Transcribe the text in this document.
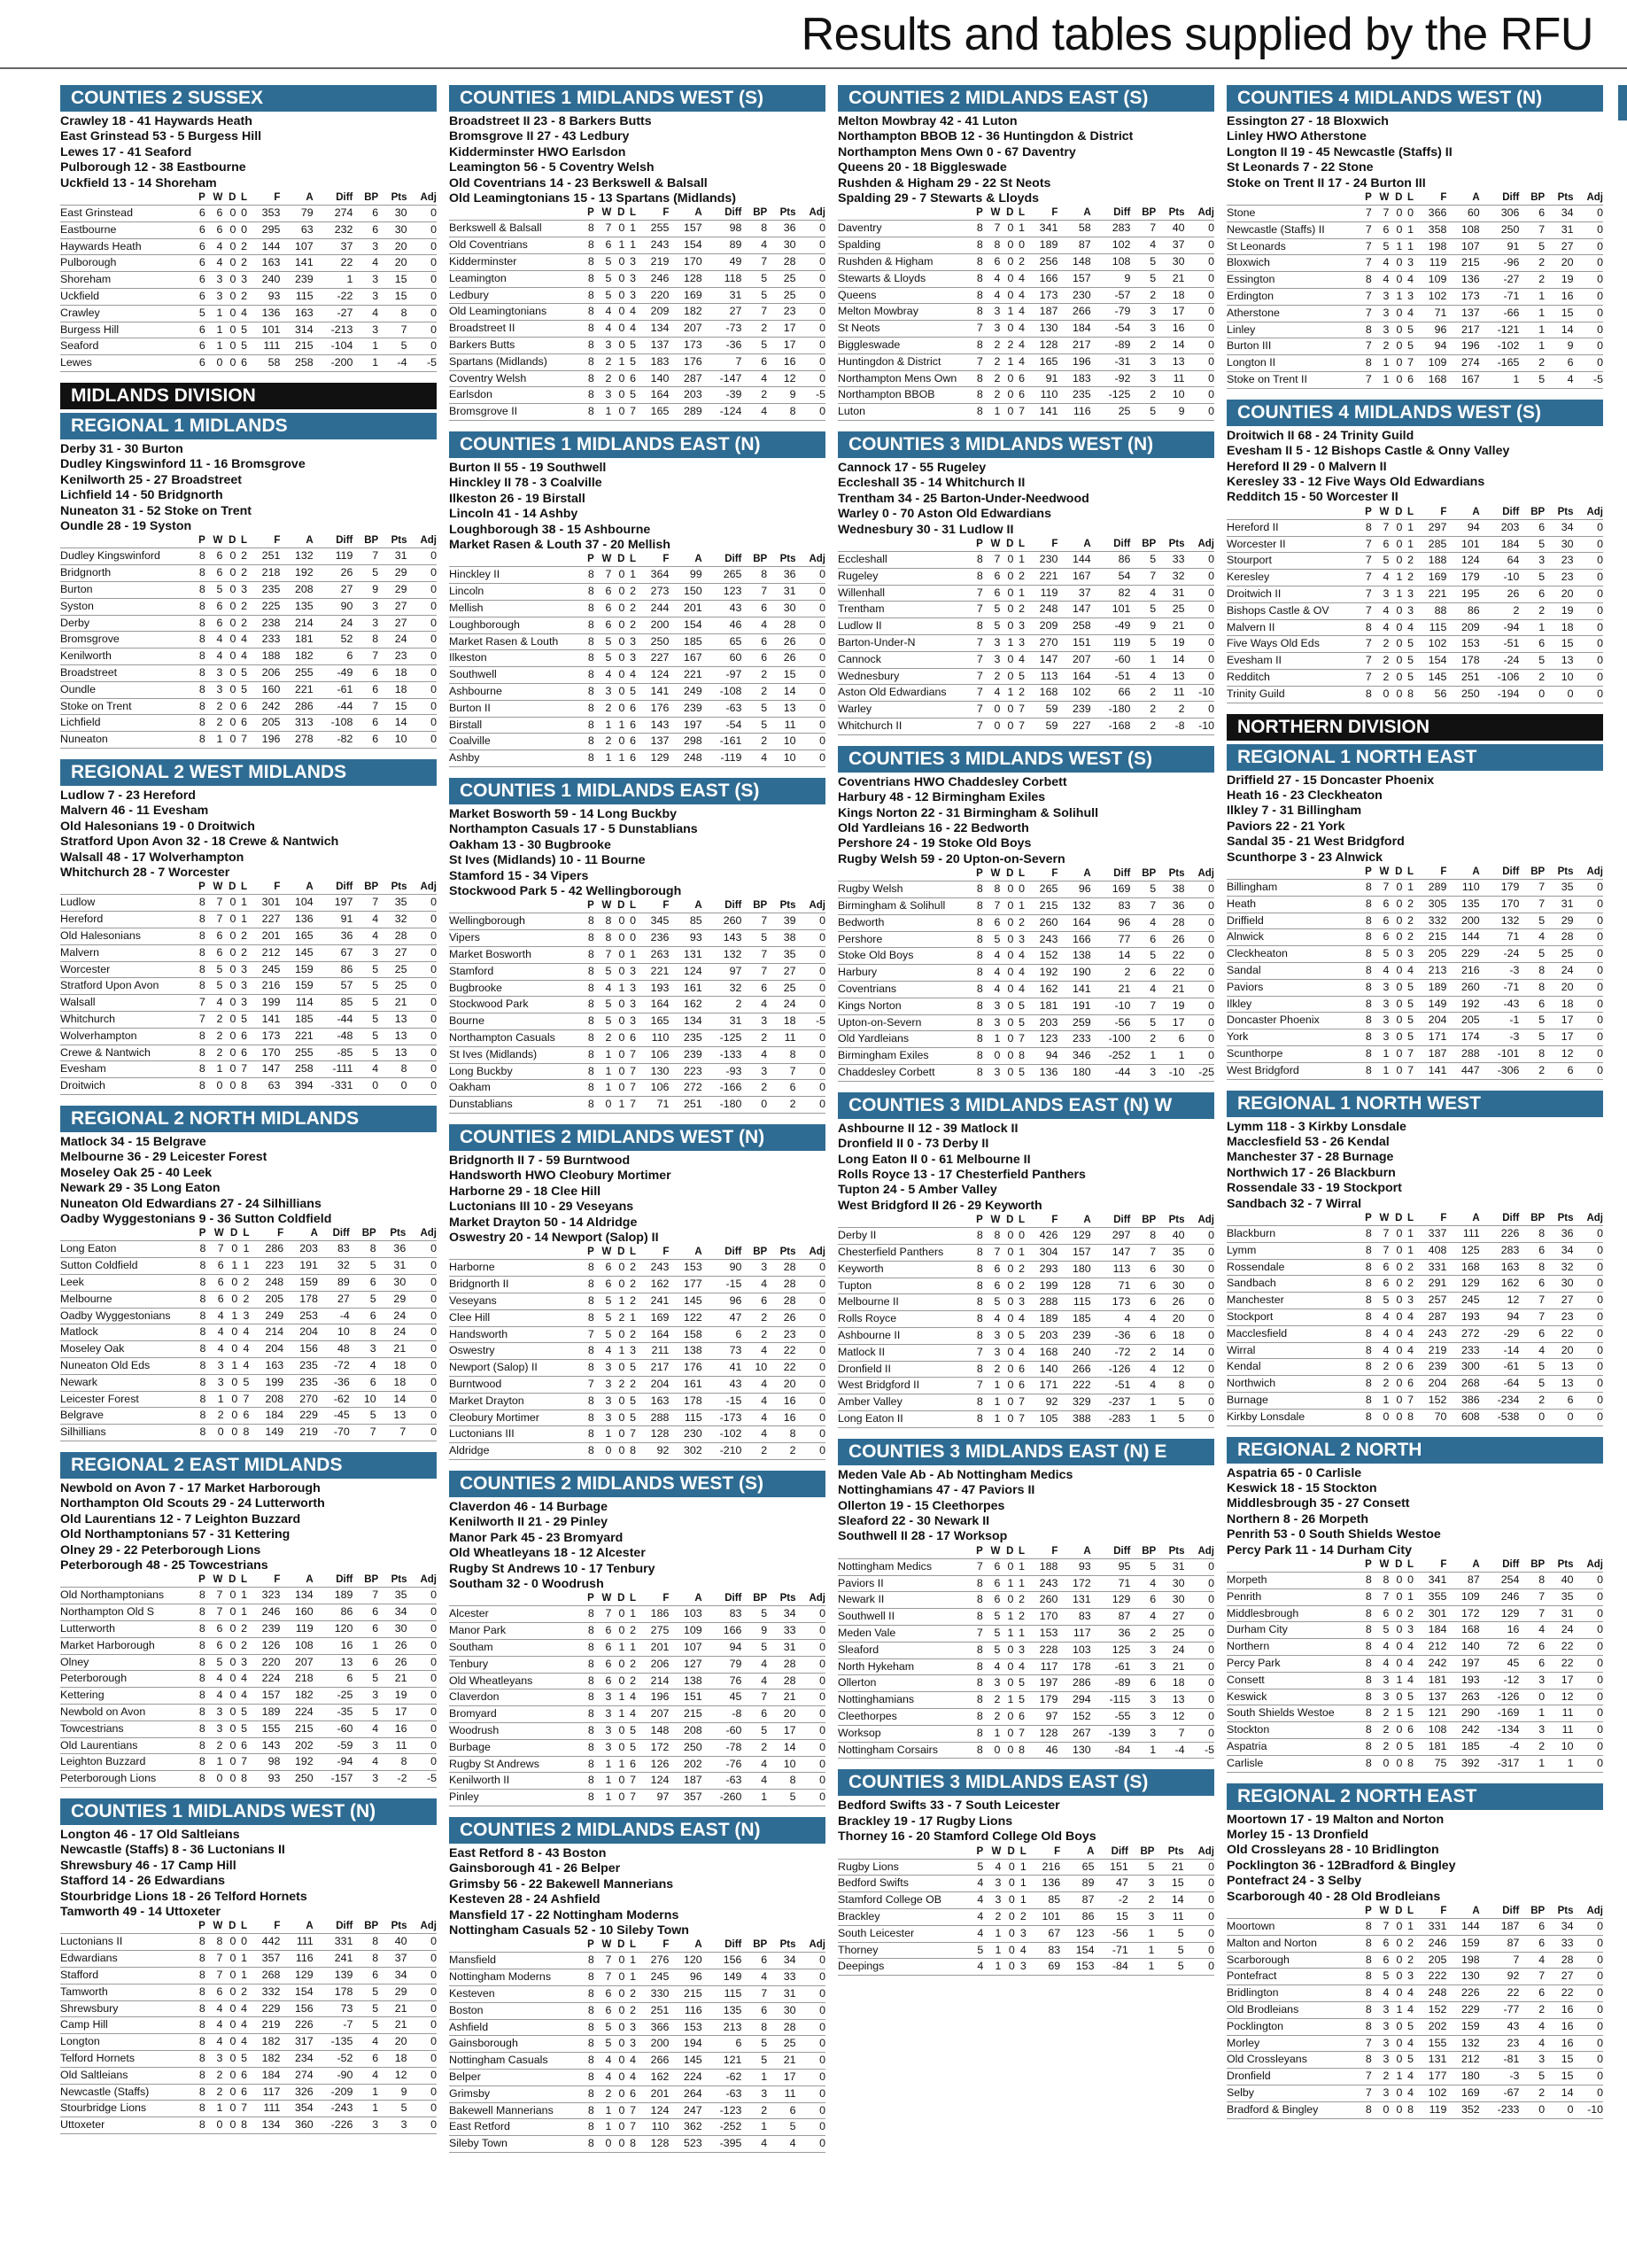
Results and tables supplied by the RFU
COUNTIES 2 SUSSEX
Crawley 18 - 41 Haywards Heath
East Grinstead 53 - 5 Burgess Hill
Lewes 17 - 41 Seaford
Pulborough 12 - 38 Eastbourne
Uckfield 13 - 14 Shoreham
	P	W	D	L	F	A	Diff	BP	Pts	Adj
East Grinstead	6	6	0	0	353	79	274	6	30	0
Eastbourne	6	6	0	0	295	63	232	6	30	0
Haywards Heath	6	4	0	2	144	107	37	3	20	0
Pulborough	6	4	0	2	163	141	22	4	20	0
Shoreham	6	3	0	3	240	239	1	3	15	0
Uckfield	6	3	0	2	93	115	-22	3	15	0
Crawley	5	1	0	4	136	163	-27	4	8	0
Burgess Hill	6	1	0	5	101	314	-213	3	7	0
Seaford	6	1	0	5	111	215	-104	1	5	0
Lewes	6	0	0	6	58	258	-200	1	-4	-5
MIDLANDS DIVISION
REGIONAL 1 MIDLANDS
Derby 31 - 30 Burton
Dudley Kingswinford 11 - 16 Bromsgrove
Kenilworth 25 - 27 Broadstreet
Lichfield 14 - 50 Bridgnorth
Nuneaton 31 - 52 Stoke on Trent
Oundle 28 - 19 Syston
	P	W	D	L	F	A	Diff	BP	Pts	Adj
Dudley Kingswinford	8	6	0	2	251	132	119	7	31	0
Bridgnorth	8	6	0	2	218	192	26	5	29	0
Burton	8	5	0	3	235	208	27	9	29	0
Syston	8	6	0	2	225	135	90	3	27	0
Derby	8	6	0	2	238	214	24	3	27	0
Bromsgrove	8	4	0	4	233	181	52	8	24	0
Kenilworth	8	4	0	4	188	182	6	7	23	0
Broadstreet	8	3	0	5	206	255	-49	6	18	0
Oundle	8	3	0	5	160	221	-61	6	18	0
Stoke on Trent	8	2	0	6	242	286	-44	7	15	0
Lichfield	8	2	0	6	205	313	-108	6	14	0
Nuneaton	8	1	0	7	196	278	-82	6	10	0
REGIONAL 2 WEST MIDLANDS
Ludlow 7 - 23 Hereford
Malvern 46 - 11 Evesham
Old Halesonians 19 - 0 Droitwich
Stratford Upon Avon 32 - 18 Crewe & Nantwich
Walsall 48 - 17 Wolverhampton
Whitchurch 28 - 7 Worcester
	P	W	D	L	F	A	Diff	BP	Pts	Adj
Ludlow	8	7	0	1	301	104	197	7	35	0
Hereford	8	7	0	1	227	136	91	4	32	0
Old Halesonians	8	6	0	2	201	165	36	4	28	0
Malvern	8	6	0	2	212	145	67	3	27	0
Worcester	8	5	0	3	245	159	86	5	25	0
Stratford Upon Avon	8	5	0	3	216	159	57	5	25	0
Walsall	7	4	0	3	199	114	85	5	21	0
Whitchurch	7	2	0	5	141	185	-44	5	13	0
Wolverhampton	8	2	0	6	173	221	-48	5	13	0
Crewe & Nantwich	8	2	0	6	170	255	-85	5	13	0
Evesham	8	1	0	7	147	258	-111	4	8	0
Droitwich	8	0	0	8	63	394	-331	0	0	0
REGIONAL 2 NORTH MIDLANDS
Matlock 34 - 15 Belgrave
Melbourne 36 - 29 Leicester Forest
Moseley Oak 25 - 40 Leek
Newark 29 - 35 Long Eaton
Nuneaton Old Edwardians 27 - 24 Silhillians
Oadby Wyggestonians 9 - 36 Sutton Coldfield
	P	W	D	L	F	A	Diff	BP	Pts	Adj
Long Eaton	8	7	0	1	286	203	83	8	36	0
Sutton Coldfield	8	6	1	1	223	191	32	5	31	0
Leek	8	6	0	2	248	159	89	6	30	0
Melbourne	8	6	0	2	205	178	27	5	29	0
Oadby Wyggestonians	8	4	1	3	249	253	-4	6	24	0
Matlock	8	4	0	4	214	204	10	8	24	0
Moseley Oak	8	4	0	4	204	156	48	3	21	0
Nuneaton Old Eds	8	3	1	4	163	235	-72	4	18	0
Newark	8	3	0	5	199	235	-36	6	18	0
Leicester Forest	8	1	0	7	208	270	-62	10	14	0
Belgrave	8	2	0	6	184	229	-45	5	13	0
Silhillians	8	0	0	8	149	219	-70	7	7	0
REGIONAL 2 EAST MIDLANDS
Newbold on Avon 7 - 17 Market Harborough
Northampton Old Scouts 29 - 24 Lutterworth
Old Laurentians 12 - 7 Leighton Buzzard
Old Northamptonians 57 - 31 Kettering
Olney 29 - 22 Peterborough Lions
Peterborough 48 - 25 Towcestrians
	P	W	D	L	F	A	Diff	BP	Pts	Adj
Old Northamptonians	8	7	0	1	323	134	189	7	35	0
Northampton Old S	8	7	0	1	246	160	86	6	34	0
Lutterworth	8	6	0	2	239	119	120	6	30	0
Market Harborough	8	6	0	2	126	108	16	1	26	0
Olney	8	5	0	3	220	207	13	6	26	0
Peterborough	8	4	0	4	224	218	6	5	21	0
Kettering	8	4	0	4	157	182	-25	3	19	0
Newbold on Avon	8	3	0	5	189	224	-35	5	17	0
Towcestrians	8	3	0	5	155	215	-60	4	16	0
Old Laurentians	8	2	0	6	143	202	-59	3	11	0
Leighton Buzzard	8	1	0	7	98	192	-94	4	8	0
Peterborough Lions	8	0	0	8	93	250	-157	3	-2	-5
COUNTIES 1 MIDLANDS WEST (N)
Longton 46 - 17 Old Saltleians
Newcastle (Staffs) 8 - 36 Luctonians II
Shrewsbury 46 - 17 Camp Hill
Stafford 14 - 26 Edwardians
Stourbridge Lions 18 - 26 Telford Hornets
Tamworth 49 - 14 Uttoxeter
	P	W	D	L	F	A	Diff	BP	Pts	Adj
Luctonians II	8	8	0	0	442	111	331	8	40	0
Edwardians	8	7	0	1	357	116	241	8	37	0
Stafford	8	7	0	1	268	129	139	6	34	0
Tamworth	8	6	0	2	332	154	178	5	29	0
Shrewsbury	8	4	0	4	229	156	73	5	21	0
Camp Hill	8	4	0	4	219	226	-7	5	21	0
Longton	8	4	0	4	182	317	-135	4	20	0
Telford Hornets	8	3	0	5	182	234	-52	6	18	0
Old Saltleians	8	2	0	6	184	274	-90	4	12	0
Newcastle (Staffs)	8	2	0	6	117	326	-209	1	9	0
Stourbridge Lions	8	1	0	7	111	354	-243	1	5	0
Uttoxeter	8	0	0	8	134	360	-226	3	3	0
COUNTIES 1 MIDLANDS WEST (S)
Broadstreet II 23 - 8 Barkers Butts
Bromsgrove II 27 - 43 Ledbury
Kidderminster HWO Earlsdon
Leamington 56 - 5 Coventry Welsh
Old Coventrians 14 - 23 Berkswell & Balsall
Old Leamingtonians 15 - 13 Spartans (Midlands)
	P	W	D	L	F	A	Diff	BP	Pts	Adj
Berkswell & Balsall	8	7	0	1	255	157	98	8	36	0
Old Coventrians	8	6	1	1	243	154	89	4	30	0
Kidderminster	8	5	0	3	219	170	49	7	28	0
Leamington	8	5	0	3	246	128	118	5	25	0
Ledbury	8	5	0	3	220	169	31	5	25	0
Old Leamingtonians	8	4	0	4	209	182	27	7	23	0
Broadstreet II	8	4	0	4	134	207	-73	2	17	0
Barkers Butts	8	3	0	5	137	173	-36	5	17	0
Spartans (Midlands)	8	2	1	5	183	176	7	6	16	0
Coventry Welsh	8	2	0	6	140	287	-147	4	12	0
Earlsdon	8	3	0	5	164	203	-39	2	9	-5
Bromsgrove II	8	1	0	7	165	289	-124	4	8	0
COUNTIES 1 MIDLANDS EAST (N)
Burton II 55 - 19 Southwell
Hinckley II 78 - 3 Coalville
Ilkeston 26 - 19 Birstall
Lincoln 41 - 14 Ashby
Loughborough 38 - 15 Ashbourne
Market Rasen & Louth 37 - 20 Mellish
	P	W	D	L	F	A	Diff	BP	Pts	Adj
Hinckley II	8	7	0	1	364	99	265	8	36	0
Lincoln	8	6	0	2	273	150	123	7	31	0
Mellish	8	6	0	2	244	201	43	6	30	0
Loughborough	8	6	0	2	200	154	46	4	28	0
Market Rasen & Louth	8	5	0	3	250	185	65	6	26	0
Ilkeston	8	5	0	3	227	167	60	6	26	0
Southwell	8	4	0	4	124	221	-97	2	15	0
Ashbourne	8	3	0	5	141	249	-108	2	14	0
Burton II	8	2	0	6	176	239	-63	5	13	0
Birstall	8	1	1	6	143	197	-54	5	11	0
Coalville	8	2	0	6	137	298	-161	2	10	0
Ashby	8	1	1	6	129	248	-119	4	10	0
COUNTIES 1 MIDLANDS EAST (S)
Market Bosworth 59 - 14 Long Buckby
Northampton Casuals 17 - 5 Dunstablians
Oakham 13 - 30 Bugbrooke
St Ives (Midlands) 10 - 11 Bourne
Stamford 15 - 34 Vipers
Stockwood Park 5 - 42 Wellingborough
	P	W	D	L	F	A	Diff	BP	Pts	Adj
Wellingborough	8	8	0	0	345	85	260	7	39	0
Vipers	8	8	0	0	236	93	143	5	38	0
Market Bosworth	8	7	0	1	263	131	132	7	35	0
Stamford	8	5	0	3	221	124	97	7	27	0
Bugbrooke	8	4	1	3	193	161	32	6	25	0
Stockwood Park	8	5	0	3	164	162	2	4	24	0
Bourne	8	5	0	3	165	134	31	3	18	-5
Northampton Casuals	8	2	0	6	110	235	-125	2	11	0
St Ives (Midlands)	8	1	0	7	106	239	-133	4	8	0
Long Buckby	8	1	0	7	130	223	-93	3	7	0
Oakham	8	1	0	7	106	272	-166	2	6	0
Dunstablians	8	0	1	7	71	251	-180	0	2	0
COUNTIES 2 MIDLANDS WEST (N)
Bridgnorth II 7 - 59 Burntwood
Handsworth HWO Cleobury Mortimer
Harborne 29 - 18 Clee Hill
Luctonians III 10 - 29 Veseyans
Market Drayton 50 - 14 Aldridge
Oswestry 20 - 14 Newport (Salop) II
	P	W	D	L	F	A	Diff	BP	Pts	Adj
Harborne	8	6	0	2	243	153	90	3	28	0
Bridgnorth II	8	6	0	2	162	177	-15	4	28	0
Veseyans	8	5	1	2	241	145	96	6	28	0
Clee Hill	8	5	2	1	169	122	47	2	26	0
Handsworth	7	5	0	2	164	158	6	2	23	0
Oswestry	8	4	1	3	211	138	73	4	22	0
Newport (Salop) II	8	3	0	5	217	176	41	10	22	0
Burntwood	7	3	2	2	204	161	43	4	20	0
Market Drayton	8	3	0	5	163	178	-15	4	16	0
Cleobury Mortimer	8	3	0	5	288	115	-173	4	16	0
Luctonians III	8	1	0	7	128	230	-102	4	8	0
Aldridge	8	0	0	8	92	302	-210	2	2	0
COUNTIES 2 MIDLANDS WEST (S)
Claverdon 46 - 14 Burbage
Kenilworth II 21 - 29 Pinley
Manor Park 45 - 23 Bromyard
Old Wheatleyans 18 - 12 Alcester
Rugby St Andrews 10 - 17 Tenbury
Southam 32 - 0 Woodrush
	P	W	D	L	F	A	Diff	BP	Pts	Adj
Alcester	8	7	0	1	186	103	83	5	34	0
Manor Park	8	6	0	2	275	109	166	9	33	0
Southam	8	6	1	1	201	107	94	5	31	0
Tenbury	8	6	0	2	206	127	79	4	28	0
Old Wheatleyans	8	6	0	2	214	138	76	4	28	0
Claverdon	8	3	1	4	196	151	45	7	21	0
Bromyard	8	3	1	4	207	215	-8	6	20	0
Woodrush	8	3	0	5	148	208	-60	5	17	0
Burbage	8	3	0	5	172	250	-78	2	14	0
Rugby St Andrews	8	1	1	6	126	202	-76	4	10	0
Kenilworth II	8	1	0	7	124	187	-63	4	8	0
Pinley	8	1	0	7	97	357	-260	1	5	0
COUNTIES 2 MIDLANDS EAST (N)
East Retford 8 - 43 Boston
Gainsborough 41 - 26 Belper
Grimsby 56 - 22 Bakewell Mannerians
Kesteven 28 - 24 Ashfield
Mansfield 17 - 22 Nottingham Moderns
Nottingham Casuals 52 - 10 Sileby Town
	P	W	D	L	F	A	Diff	BP	Pts	Adj
Mansfield	8	7	0	1	276	120	156	6	34	0
Nottingham Moderns	8	7	0	1	245	96	149	4	33	0
Kesteven	8	6	0	2	330	215	115	7	31	0
Boston	8	6	0	2	251	116	135	6	30	0
Ashfield	8	5	0	3	366	153	213	8	28	0
Gainsborough	8	5	0	3	200	194	6	5	25	0
Nottingham Casuals	8	4	0	4	266	145	121	5	21	0
Belper	8	4	0	4	162	224	-62	1	17	0
Grimsby	8	2	0	6	201	264	-63	3	11	0
Bakewell Mannerians	8	1	0	7	124	247	-123	2	6	0
East Retford	8	1	0	7	110	362	-252	1	5	0
Sileby Town	8	0	0	8	128	523	-395	4	4	0
COUNTIES 2 MIDLANDS EAST (S)
Melton Mowbray 42 - 41 Luton
Northampton BBOB 12 - 36 Huntingdon & District
Northampton Mens Own 0 - 67 Daventry
Queens 20 - 18 Biggleswade
Rushden & Higham 29 - 22 St Neots
Spalding 29 - 7 Stewarts & Lloyds
	P	W	D	L	F	A	Diff	BP	Pts	Adj
Daventry	8	7	0	1	341	58	283	7	40	0
Spalding	8	8	0	0	189	87	102	4	37	0
Rushden & Higham	8	6	0	2	256	148	108	5	30	0
Stewarts & Lloyds	8	4	0	4	166	157	9	5	21	0
Queens	8	4	0	4	173	230	-57	2	18	0
Melton Mowbray	8	3	1	4	187	266	-79	3	17	0
St Neots	7	3	0	4	130	184	-54	3	16	0
Biggleswade	8	2	2	4	128	217	-89	2	14	0
Huntingdon & District	7	2	1	4	165	196	-31	3	13	0
Northampton Mens Own	8	2	0	6	91	183	-92	3	11	0
Northampton BBOB	8	2	0	6	110	235	-125	2	10	0
Luton	8	1	0	7	141	116	25	5	9	0
COUNTIES 3 MIDLANDS WEST (N)
Cannock 17 - 55 Rugeley
Eccleshall 35 - 14 Whitchurch II
Trentham 34 - 25 Barton-Under-Needwood
Warley 0 - 70 Aston Old Edwardians
Wednesbury 30 - 31 Ludlow II
	P	W	D	L	F	A	Diff	BP	Pts	Adj
Eccleshall	8	7	0	1	230	144	86	5	33	0
Rugeley	8	6	0	2	221	167	54	7	32	0
Willenhall	7	6	0	1	119	37	82	4	31	0
Trentham	7	5	0	2	248	147	101	5	25	0
Ludlow II	8	5	0	3	209	258	-49	9	21	0
Barton-Under-N	7	3	1	3	270	151	119	5	19	0
Cannock	7	3	0	4	147	207	-60	1	14	0
Wednesbury	7	2	0	5	113	164	-51	4	13	0
Aston Old Edwardians	7	4	1	2	168	102	66	2	11	-10
Warley	7	0	0	7	59	239	-180	2	2	0
Whitchurch II	7	0	0	7	59	227	-168	2	-8	-10
COUNTIES 3 MIDLANDS WEST (S)
Coventrians HWO Chaddesley Corbett
Harbury 48 - 12 Birmingham Exiles
Kings Norton 22 - 31 Birmingham & Solihull
Old Yardleians 16 - 22 Bedworth
Pershore 24 - 19 Stoke Old Boys
Rugby Welsh 59 - 20 Upton-on-Severn
	P	W	D	L	F	A	Diff	BP	Pts	Adj
Rugby Welsh	8	8	0	0	265	96	169	5	38	0
Birmingham & Solihull	8	7	0	1	215	132	83	7	36	0
Bedworth	8	6	0	2	260	164	96	4	28	0
Pershore	8	5	0	3	243	166	77	6	26	0
Stoke Old Boys	8	4	0	4	152	138	14	5	22	0
Harbury	8	4	0	4	192	190	2	6	22	0
Coventrians	8	4	0	4	162	141	21	4	21	0
Kings Norton	8	3	0	5	181	191	-10	7	19	0
Upton-on-Severn	8	3	0	5	203	259	-56	5	17	0
Old Yardleians	8	1	0	7	123	233	-100	2	6	0
Birmingham Exiles	8	0	0	8	94	346	-252	1	1	0
Chaddesley Corbett	8	3	0	5	136	180	-44	3	-10	-25
COUNTIES 3 MIDLANDS EAST (N) W
Ashbourne II 12 - 39 Matlock II
Dronfield II 0 - 73 Derby II
Long Eaton II 0 - 61 Melbourne II
Rolls Royce 13 - 17 Chesterfield Panthers
Tupton 24 - 5 Amber Valley
West Bridgford II 26 - 29 Keyworth
	P	W	D	L	F	A	Diff	BP	Pts	Adj
Derby II	8	8	0	0	426	129	297	8	40	0
Chesterfield Panthers	8	7	0	1	304	157	147	7	35	0
Keyworth	8	6	0	2	293	180	113	6	30	0
Tupton	8	6	0	2	199	128	71	6	30	0
Melbourne II	8	5	0	3	288	115	173	6	26	0
Rolls Royce	8	4	0	4	189	185	4	4	20	0
Ashbourne II	8	3	0	5	203	239	-36	6	18	0
Matlock II	7	3	0	4	168	240	-72	2	14	0
Dronfield II	8	2	0	6	140	266	-126	4	12	0
West Bridgford II	7	1	0	6	171	222	-51	4	8	0
Amber Valley	8	1	0	7	92	329	-237	1	5	0
Long Eaton II	8	1	0	7	105	388	-283	1	5	0
COUNTIES 3 MIDLANDS EAST (N) E
Meden Vale Ab - Ab Nottingham Medics
Nottinghamians 47 - 47 Paviors II
Ollerton 19 - 15 Cleethorpes
Sleaford 22 - 30 Newark II
Southwell II 28 - 17 Worksop
	P	W	D	L	F	A	Diff	BP	Pts	Adj
Nottingham Medics	7	6	0	1	188	93	95	5	31	0
Paviors II	8	6	1	1	243	172	71	4	30	0
Newark II	8	6	0	2	260	131	129	6	30	0
Southwell II	8	5	1	2	170	83	87	4	27	0
Meden Vale	7	5	1	1	153	117	36	2	25	0
Sleaford	8	5	0	3	228	103	125	3	24	0
North Hykeham	8	4	0	4	117	178	-61	3	21	0
Ollerton	8	3	0	5	197	286	-89	6	18	0
Nottinghamians	8	2	1	5	179	294	-115	3	13	0
Cleethorpes	8	2	0	6	97	152	-55	3	12	0
Worksop	8	1	0	7	128	267	-139	3	7	0
Nottingham Corsairs	8	0	0	8	46	130	-84	1	-4	-5
COUNTIES 3 MIDLANDS EAST (S)
Bedford Swifts 33 - 7 South Leicester
Brackley 19 - 17 Rugby Lions
Thorney 16 - 20 Stamford College Old Boys
	P	W	D	L	F	A	Diff	BP	Pts	Adj
Rugby Lions	5	4	0	1	216	65	151	5	21	0
Bedford Swifts	4	3	0	1	136	89	47	3	15	0
Stamford College OB	4	3	0	1	85	87	-2	2	14	0
Brackley	4	2	0	2	101	86	15	3	11	0
South Leicester	4	1	0	3	67	123	-56	1	5	0
Thorney	5	1	0	4	83	154	-71	1	5	0
Deepings	4	1	0	3	69	153	-84	1	5	0
COUNTIES 4 MIDLANDS WEST (N)
Essington 27 - 18 Bloxwich
Linley HWO Atherstone
Longton II 19 - 45 Newcastle (Staffs) II
St Leonards 7 - 22 Stone
Stoke on Trent II 17 - 24 Burton III
	P	W	D	L	F	A	Diff	BP	Pts	Adj
Stone	7	7	0	0	366	60	306	6	34	0
Newcastle (Staffs) II	7	6	0	1	358	108	250	7	31	0
St Leonards	7	5	1	1	198	107	91	5	27	0
Bloxwich	7	4	0	3	119	215	-96	2	20	0
Essington	8	4	0	4	109	136	-27	2	19	0
Erdington	7	3	1	3	102	173	-71	1	16	0
Atherstone	7	3	0	4	71	137	-66	1	15	0
Linley	8	3	0	5	96	217	-121	1	14	0
Burton III	7	2	0	5	94	196	-102	1	9	0
Longton II	8	1	0	7	109	274	-165	2	6	0
Stoke on Trent II	7	1	0	6	168	167	1	5	4	-5
COUNTIES 4 MIDLANDS WEST (S)
Droitwich II 68 - 24 Trinity Guild
Evesham II 5 - 12 Bishops Castle & Onny Valley
Hereford II 29 - 0 Malvern II
Keresley 33 - 12 Five Ways Old Edwardians
Redditch 15 - 50 Worcester II
	P	W	D	L	F	A	Diff	BP	Pts	Adj
Hereford II	8	7	0	1	297	94	203	6	34	0
Worcester II	7	6	0	1	285	101	184	5	30	0
Stourport	7	5	0	2	188	124	64	3	23	0
Keresley	7	4	1	2	169	179	-10	5	23	0
Droitwich II	7	3	1	3	221	195	26	6	20	0
Bishops Castle & OV	7	4	0	3	88	86	2	2	19	0
Malvern II	8	4	0	4	115	209	-94	1	18	0
Five Ways Old Eds	7	2	0	5	102	153	-51	6	15	0
Evesham II	7	2	0	5	154	178	-24	5	13	0
Redditch	7	2	0	5	145	251	-106	2	10	0
Trinity Guild	8	0	0	8	56	250	-194	0	0	0
NORTHERN DIVISION
REGIONAL 1 NORTH EAST
Driffield 27 - 15 Doncaster Phoenix
Heath 16 - 23 Cleckheaton
Ilkley 7 - 31 Billingham
Paviors 22 - 21 York
Sandal 35 - 21 West Bridgford
Scunthorpe 3 - 23 Alnwick
	P	W	D	L	F	A	Diff	BP	Pts	Adj
Billingham	8	7	0	1	289	110	179	7	35	0
Heath	8	6	0	2	305	135	170	7	31	0
Driffield	8	6	0	2	332	200	132	5	29	0
Alnwick	8	6	0	2	215	144	71	4	28	0
Cleckheaton	8	5	0	3	205	229	-24	5	25	0
Sandal	8	4	0	4	213	216	-3	8	24	0
Paviors	8	3	0	5	189	260	-71	8	20	0
Ilkley	8	3	0	5	149	192	-43	6	18	0
Doncaster Phoenix	8	3	0	5	204	205	-1	5	17	0
York	8	3	0	5	171	174	-3	5	17	0
Scunthorpe	8	1	0	7	187	288	-101	8	12	0
West Bridgford	8	1	0	7	141	447	-306	2	6	0
REGIONAL 1 NORTH WEST
Lymm 118 - 3 Kirkby Lonsdale
Macclesfield 53 - 26 Kendal
Manchester 37 - 28 Burnage
Northwich 17 - 26 Blackburn
Rossendale 33 - 19 Stockport
Sandbach 32 - 7 Wirral
	P	W	D	L	F	A	Diff	BP	Pts	Adj
Blackburn	8	7	0	1	337	111	226	8	36	0
Lymm	8	7	0	1	408	125	283	6	34	0
Rossendale	8	6	0	2	331	168	163	8	32	0
Sandbach	8	6	0	2	291	129	162	6	30	0
Manchester	8	5	0	3	257	245	12	7	27	0
Stockport	8	4	0	4	287	193	94	7	23	0
Macclesfield	8	4	0	4	243	272	-29	6	22	0
Wirral	8	4	0	4	219	233	-14	4	20	0
Kendal	8	2	0	6	239	300	-61	5	13	0
Northwich	8	2	0	6	204	268	-64	5	13	0
Burnage	8	1	0	7	152	386	-234	2	6	0
Kirkby Lonsdale	8	0	0	8	70	608	-538	0	0	0
REGIONAL 2 NORTH
Aspatria 65 - 0 Carlisle
Keswick 18 - 15 Stockton
Middlesbrough 35 - 27 Consett
Northern 8 - 26 Morpeth
Penrith 53 - 0 South Shields Westoe
Percy Park 11 - 14 Durham City
	P	W	D	L	F	A	Diff	BP	Pts	Adj
Morpeth	8	8	0	0	341	87	254	8	40	0
Penrith	8	7	0	1	355	109	246	7	35	0
Middlesbrough	8	6	0	2	301	172	129	7	31	0
Durham City	8	5	0	3	184	168	16	4	24	0
Northern	8	4	0	4	212	140	72	6	22	0
Percy Park	8	4	0	4	242	197	45	6	22	0
Consett	8	3	1	4	181	193	-12	3	17	0
Keswick	8	3	0	5	137	263	-126	0	12	0
South Shields Westoe	8	2	1	5	121	290	-169	1	11	0
Stockton	8	2	0	6	108	242	-134	3	11	0
Aspatria	8	2	0	5	181	185	-4	2	10	0
Carlisle	8	0	0	8	75	392	-317	1	1	0
REGIONAL 2 NORTH EAST
Moortown 17 - 19 Malton and Norton
Morley 15 - 13 Dronfield
Old Crossleyans 28 - 10 Bridlington
Pocklington 36 - 12Bradford & Bingley
Pontefract 24 - 3 Selby
Scarborough 40 - 28 Old Brodleians
	P	W	D	L	F	A	Diff	BP	Pts	Adj
Moortown	8	7	0	1	331	144	187	6	34	0
Malton and Norton	8	6	0	2	246	159	87	6	33	0
Scarborough	8	6	0	2	205	198	7	4	28	0
Pontefract	8	5	0	3	222	130	92	7	27	0
Bridlington	8	4	0	4	248	226	22	6	22	0
Old Brodleians	8	3	1	4	152	229	-77	2	16	0
Pocklington	8	3	0	5	202	159	43	4	16	0
Morley	7	3	0	4	155	132	23	4	16	0
Old Crossleyans	8	3	0	5	131	212	-81	3	15	0
Dronfield	7	2	1	4	177	180	-3	5	15	0
Selby	7	3	0	4	102	169	-67	2	14	0
Bradford & Bingley	8	0	0	8	119	352	-233	0	0	-10
